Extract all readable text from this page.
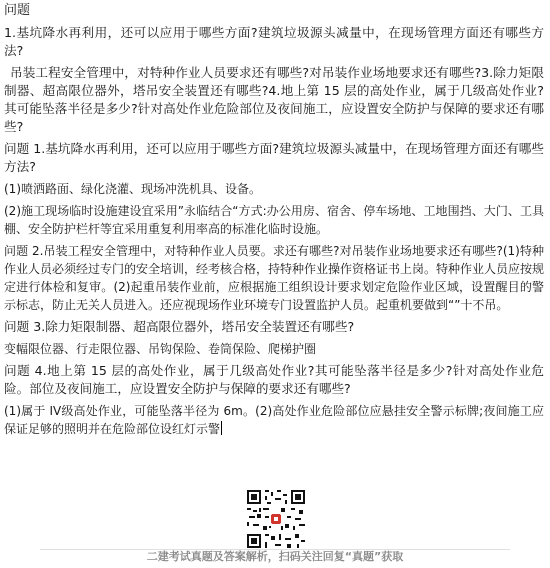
问题

1.基坑降水再利用，还可以应用于哪些方面?建筑垃圾源头减量中，在现场管理方面还有哪些方法?

吊装工程安全管理中，对特种作业人员要求还有哪些?对吊装作业场地要求还有哪些?3.除力矩限制器、超高限位器外，塔吊安全装置还有哪些?4.地上第 15 层的高处作业，属于几级高处作业?其可能坠落半径是多少?针对高处作业危险部位及夜间施工，应设置安全防护与保障的要求还有哪些?

问题 1.基坑降水再利用，还可以应用于哪些方面?建筑垃圾源头减量中，在现场管理方面还有哪些方法?

(1)喷洒路面、绿化浇灌、现场冲洗机具、设备。

(2)施工现场临时设施建设宜采用”永临结合“方式:办公用房、宿舍、停车场地、工地围挡、大门、工具棚、安全防护栏杆等宜采用重复利用率高的标准化临时设施。

问题 2.吊装工程安全管理中，对特种作业人员要。求还有哪些?对吊装作业场地要求还有哪些?(1)特种作业人员必须经过专门的安全培训，经考核合格，持特种作业操作资格证书上岗。特种作业人员应按规定进行体检和复审。(2)起重吊装作业前，应根据施工组织设计要求划定危险作业区域，设置醒目的警示标志，防止无关人员进入。还应视现场作业环境专门设置监护人员。起重机要做到“”十不吊。

问题 3.除力矩限制器、超高限位器外，塔吊安全装置还有哪些?

变幅限位器、行走限位器、吊钩保险、卷筒保险、爬梯护圈

问题 4.地上第 15 层的高处作业，属于几级高处作业?其可能坠落半径是多少?针对高处作业危险。部位及夜间施工，应设置安全防护与保障的要求还有哪些?

(1)属于 IV级高处作业，可能坠落半径为 6m。(2)高处作业危险部位应悬挂安全警示标牌;夜间施工应保证足够的照明并在危险部位设红灯示警

二建考试真题及答案解析，扫码关注回复“真题”获取
